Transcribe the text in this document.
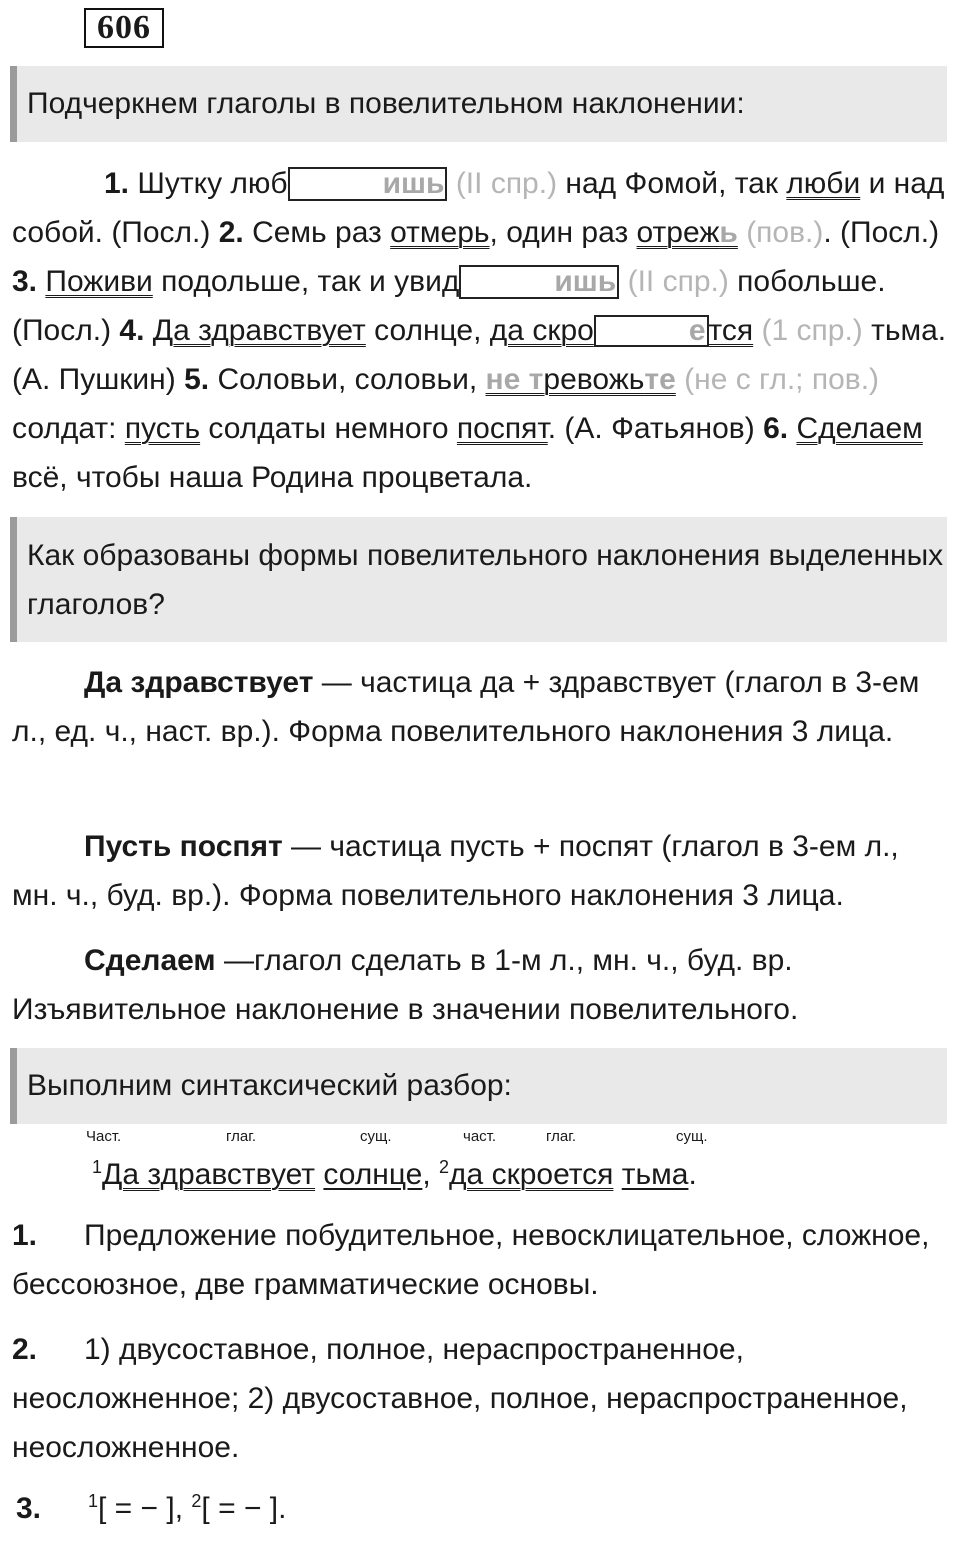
606
Подчеркнем глаголы в повелительном наклонении:

1. Шутку люб	ишь (II спр.) над Фомой, так люби и над собой. (Посл.) 2. Семь раз отмерь, один раз отрежь (пов.). (Посл.) 3. Поживи подольше, так и увид	ишь (II спр.) побольше. (Посл.) 4. Да здравствует солнце, да скро	е тся (1 спр.) тьма. (А. Пушкин) 5. Соловьи, соловьи, не тревожьте (не с гл.; пов.) солдат: пусть солдаты немного поспят. (А. Фатьянов) 6. Сделаем всё, чтобы наша Родина процветала.

Как образованы формы повелительного наклонения выделенных глаголов?

Да здравствует — частица да + здравствует (глагол в 3-ем л., ед. ч., наст. вр.). Форма повелительного наклонения 3 лица.

Пусть поспят — частица пусть + поспят (глагол в 3-ем л., мн. ч., буд. вр.). Форма повелительного наклонения 3 лица.

Сделаем —глагол сделать в 1-м л., мн. ч., буд. вр. Изъявительное наклонение в значении повелительного.

Выполним синтаксический разбор:
Част.	глаг.	сущ.	част.	глаг.	сущ.

$^1$Да здравствует солнце, $^2$да скроется тьма.

1. Предложение побудительное, невосклицательное, сложное, бессоюзное, две грамматические основы.
2. 1) двусоставное, полное, нераспространенное, неосложненное; 2) двусоставное, полное, нераспространенное, неосложненное.
3.	$^1$[ = − ], $^2$[ = − ].
